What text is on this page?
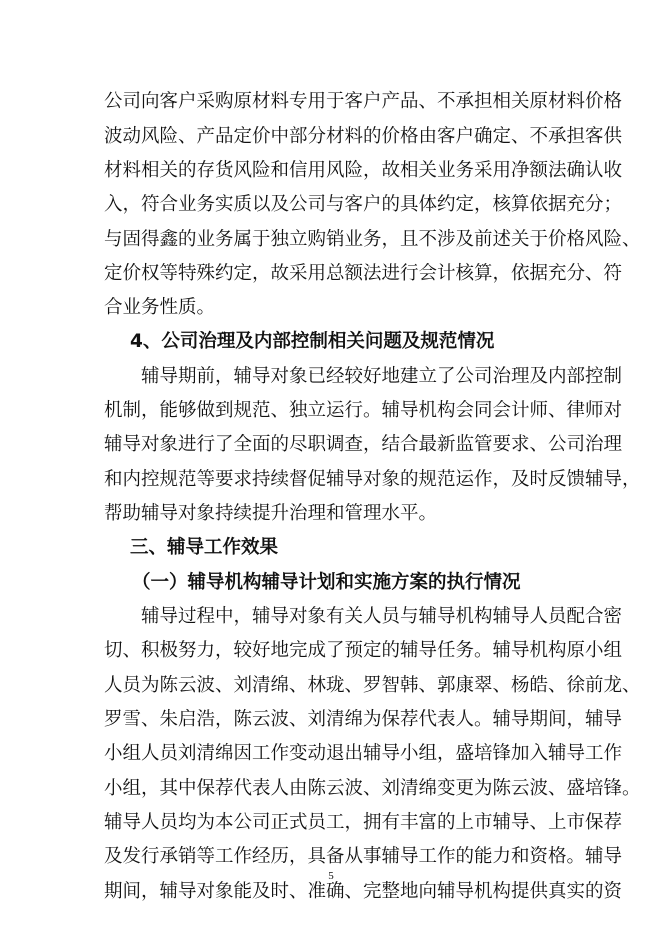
公司向客户采购原材料专用于客户产品、不承担相关原材料价格
波动风险、产品定价中部分材料的价格由客户确定、不承担客供
材料相关的存货风险和信用风险，故相关业务采用净额法确认收
入，符合业务实质以及公司与客户的具体约定，核算依据充分；
与固得鑫的业务属于独立购销业务，且不涉及前述关于价格风险、
定价权等特殊约定，故采用总额法进行会计核算，依据充分、符
合业务性质。
4、公司治理及内部控制相关问题及规范情况
辅导期前，辅导对象已经较好地建立了公司治理及内部控制
机制，能够做到规范、独立运行。辅导机构会同会计师、律师对
辅导对象进行了全面的尽职调查，结合最新监管要求、公司治理
和内控规范等要求持续督促辅导对象的规范运作，及时反馈辅导，
帮助辅导对象持续提升治理和管理水平。
三、辅导工作效果
（一）辅导机构辅导计划和实施方案的执行情况
辅导过程中，辅导对象有关人员与辅导机构辅导人员配合密
切、积极努力，较好地完成了预定的辅导任务。辅导机构原小组
人员为陈云波、刘清绵、林珑、罗智韩、郭康翠、杨皓、徐前龙、
罗雪、朱启浩，陈云波、刘清绵为保荐代表人。辅导期间，辅导
小组人员刘清绵因工作变动退出辅导小组，盛培锋加入辅导工作
小组，其中保荐代表人由陈云波、刘清绵变更为陈云波、盛培锋。
辅导人员均为本公司正式员工，拥有丰富的上市辅导、上市保荐
及发行承销等工作经历，具备从事辅导工作的能力和资格。辅导
期间，辅导对象能及时、准确、完整地向辅导机构提供真实的资
5
